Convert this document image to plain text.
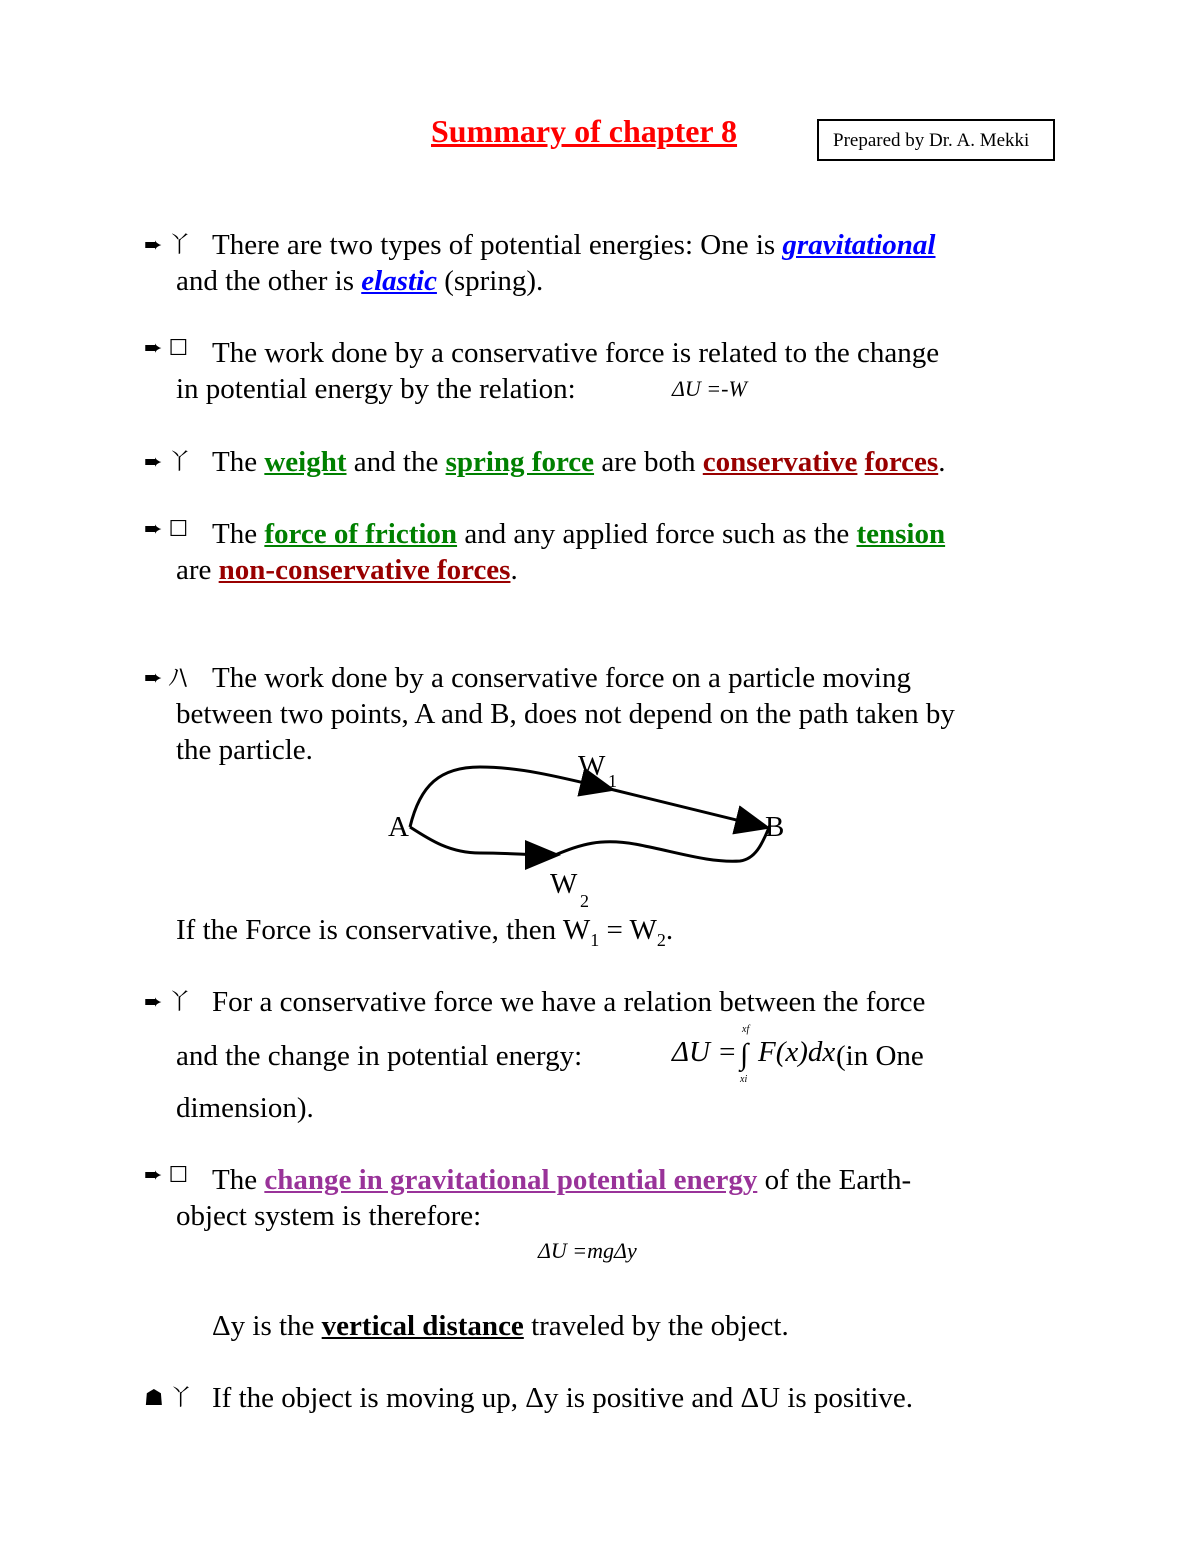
Summary of chapter 8	Prepared by Dr. A. Mekki
➨ 丫 There are two types of potential energies: One is gravitational
and the other is elastic (spring).
➨ ☐ The work done by a conservative force is related to the change
in potential energy by the relation:	ΔU =-W
➨ 丫 The weight and the spring force are both conservative forces.
➨ ☐ The force of friction and any applied force such as the tension
are non-conservative forces.
➨ ﾉ\ The work done by a conservative force on a particle moving
between two points, A and B, does not depend on the path taken by
the particle.
A	B
W 1
W
2
If the Force is conservative, then $W_1 = W_2$.
➨ 丫 For a conservative force we have a relation between the force
and the change in potential energy:	ΔU =
xf
∫
xi
F(x)dx (in One
dimension).
➨ ☐ The change in gravitational potential energy of the Earth-
object system is therefore:
ΔU =mgΔy
Δy is the vertical distance traveled by the object.
☗ 丫 If the object is moving up, Δy is positive and ΔU is positive.
